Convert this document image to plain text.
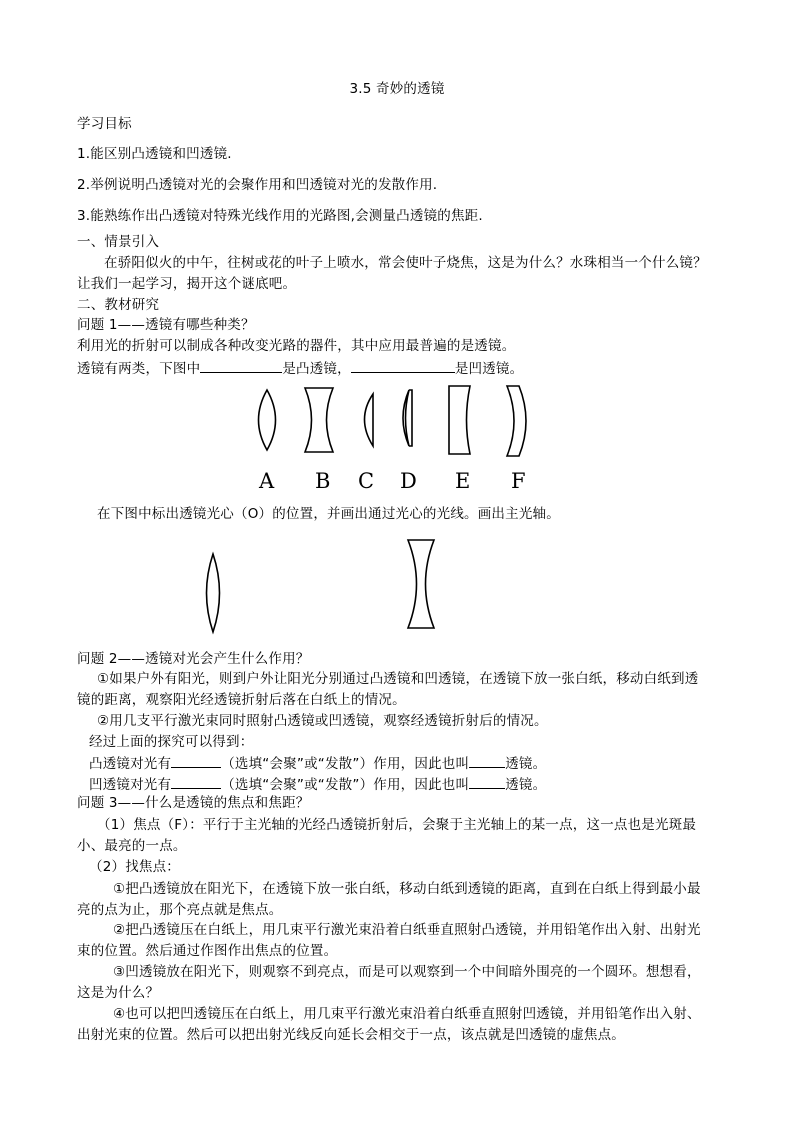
3.5 奇妙的透镜
学习目标
1.能区别凸透镜和凹透镜.
2.举例说明凸透镜对光的会聚作用和凹透镜对光的发散作用.
3.能熟练作出凸透镜对特殊光线作用的光路图,会测量凸透镜的焦距.
一、情景引入
在骄阳似火的中午，往树或花的叶子上喷水，常会使叶子烧焦，这是为什么？水珠相当一个什么镜？
让我们一起学习，揭开这个谜底吧。
二、教材研究
问题 1——透镜有哪些种类？
利用光的折射可以制成各种改变光路的器件，其中应用最普遍的是透镜。
透镜有两类，下图中	是凸透镜，	是凹透镜。
A B C D E F
在下图中标出透镜光心（O）的位置，并画出通过光心的光线。画出主光轴。
问题 2——透镜对光会产生什么作用？
①如果户外有阳光，则到户外让阳光分别通过凸透镜和凹透镜，在透镜下放一张白纸，移动白纸到透
镜的距离，观察阳光经透镜折射后落在白纸上的情况。
②用几支平行激光束同时照射凸透镜或凹透镜，观察经透镜折射后的情况。
经过上面的探究可以得到：
凸透镜对光有	（选填“会聚”或“发散”）作用，因此也叫	透镜。
凹透镜对光有	（选填“会聚”或“发散”）作用，因此也叫	透镜。
问题 3——什么是透镜的焦点和焦距？
（1）焦点（F）：平行于主光轴的光经凸透镜折射后，会聚于主光轴上的某一点，这一点也是光斑最
小、最亮的一点。
（2）找焦点：
①把凸透镜放在阳光下，在透镜下放一张白纸，移动白纸到透镜的距离，直到在白纸上得到最小最
亮的点为止，那个亮点就是焦点。
②把凸透镜压在白纸上，用几束平行激光束沿着白纸垂直照射凸透镜，并用铅笔作出入射、出射光
束的位置。然后通过作图作出焦点的位置。
③凹透镜放在阳光下，则观察不到亮点，而是可以观察到一个中间暗外围亮的一个圆环。想想看，
这是为什么？
④也可以把凹透镜压在白纸上，用几束平行激光束沿着白纸垂直照射凹透镜，并用铅笔作出入射、
出射光束的位置。然后可以把出射光线反向延长会相交于一点，该点就是凹透镜的虚焦点。
